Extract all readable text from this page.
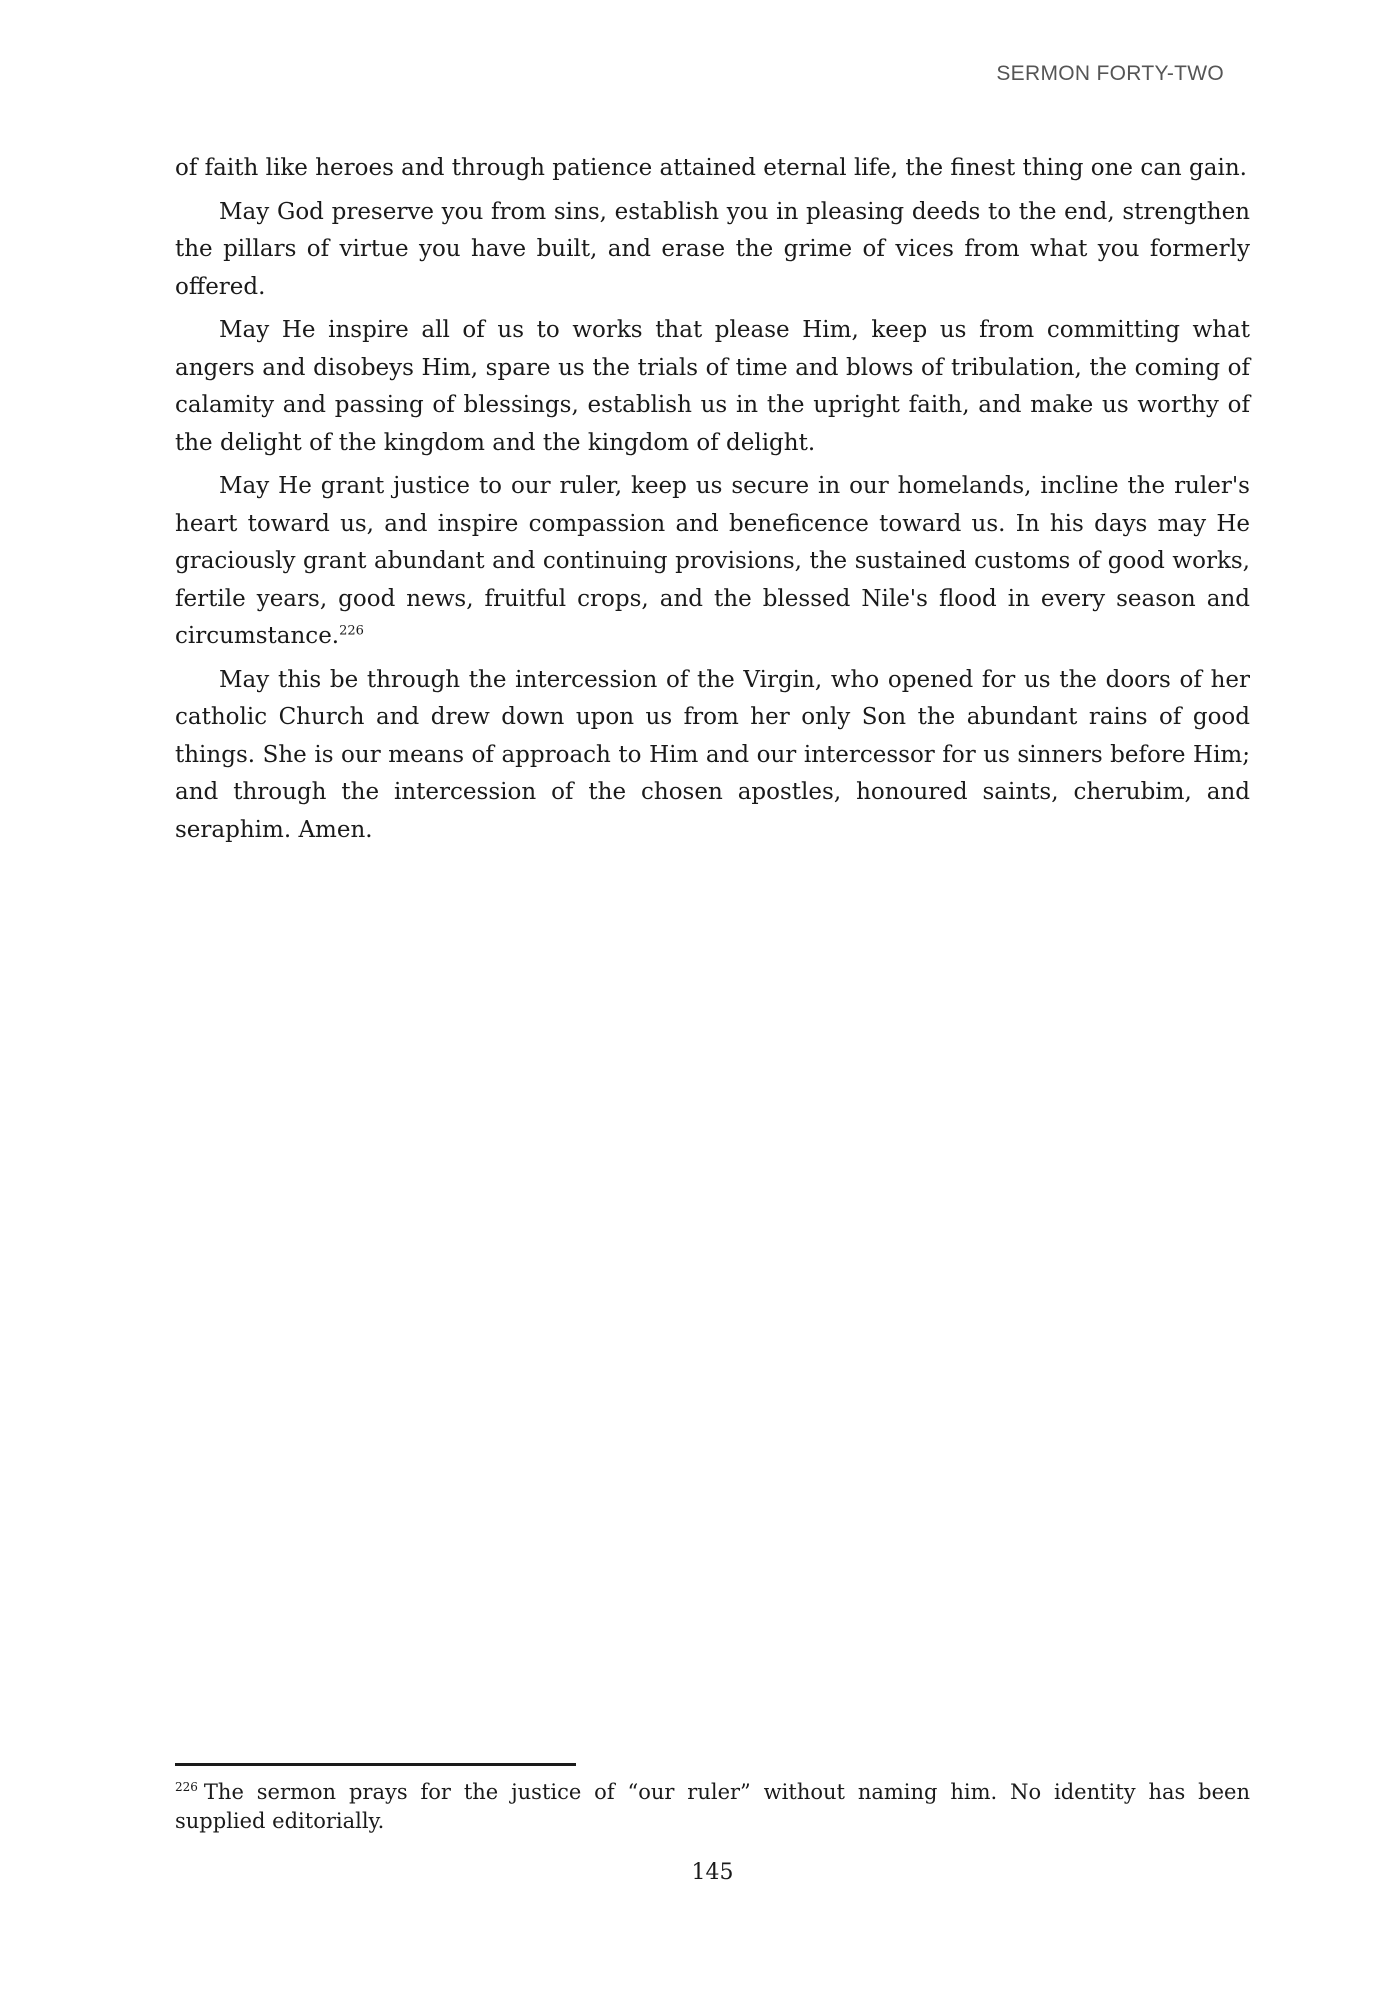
SERMON FORTY-TWO

of faith like heroes and through patience attained eternal life, the finest thing one can gain.

May God preserve you from sins, establish you in pleasing deeds to the end, strengthen the pillars of virtue you have built, and erase the grime of vices from what you formerly offered.

May He inspire all of us to works that please Him, keep us from committing what angers and disobeys Him, spare us the trials of time and blows of tribulation, the coming of calamity and passing of blessings, establish us in the upright faith, and make us worthy of the delight of the kingdom and the kingdom of delight.

May He grant justice to our ruler, keep us secure in our homelands, incline the ruler's heart toward us, and inspire compassion and beneficence toward us. In his days may He graciously grant abundant and continuing provisions, the sustained customs of good works, fertile years, good news, fruitful crops, and the blessed Nile's flood in every season and circumstance.$^{226}$

May this be through the intercession of the Virgin, who opened for us the doors of her catholic Church and drew down upon us from her only Son the abundant rains of good things. She is our means of approach to Him and our intercessor for us sinners before Him; and through the intercession of the chosen apostles, honoured saints, cherubim, and seraphim. Amen.

$^{226}$ The sermon prays for the justice of “our ruler” without naming him. No identity has been supplied editorially.
145
